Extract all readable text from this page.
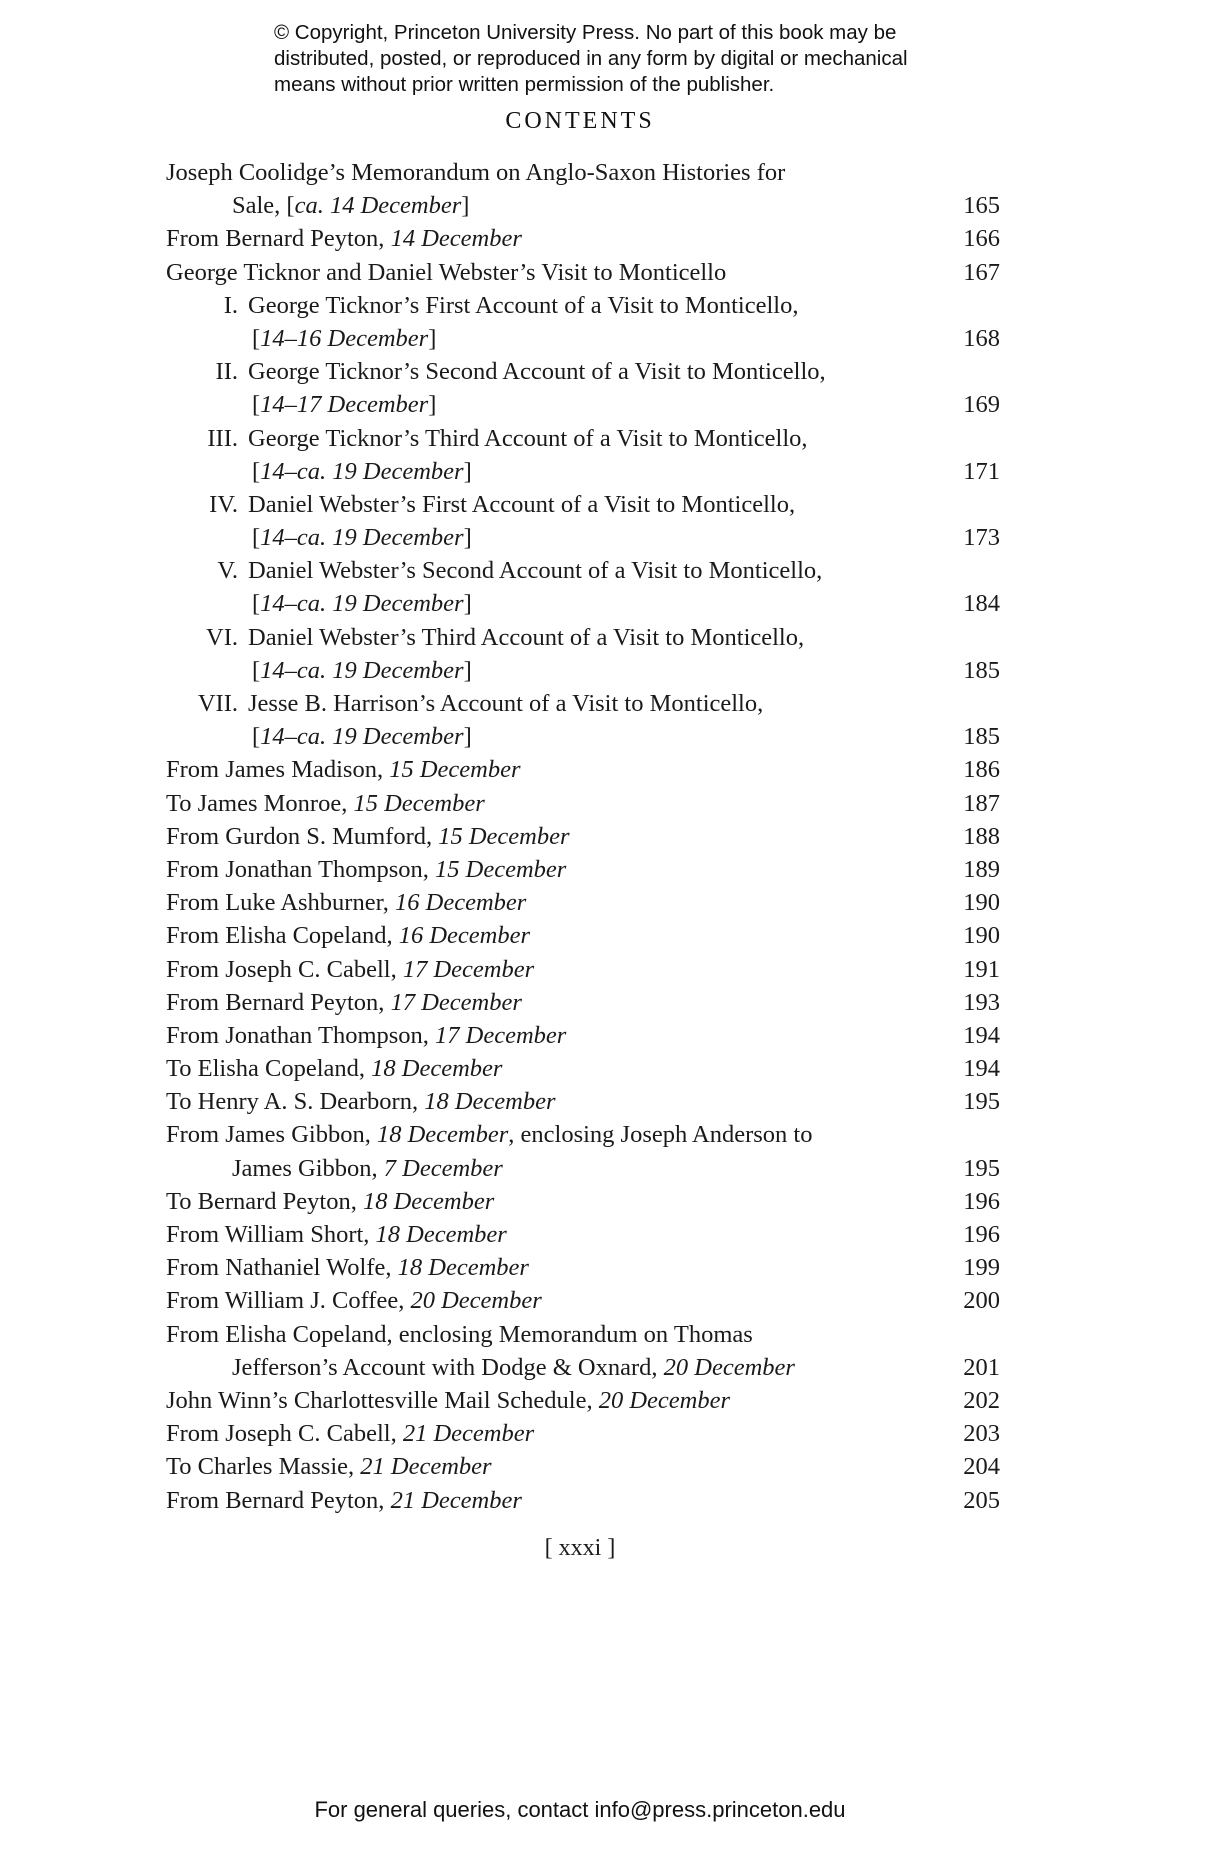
© Copyright, Princeton University Press. No part of this book may be
distributed, posted, or reproduced in any form by digital or mechanical
means without prior written permission of the publisher.
CONTENTS
Joseph Coolidge’s Memorandum on Anglo-Saxon Histories for
Sale, [ca. 14 December]	165
From Bernard Peyton, 14 December	166
George Ticknor and Daniel Webster’s Visit to Monticello	167
I. George Ticknor’s First Account of a Visit to Monticello,
[14–16 December]	168
II. George Ticknor’s Second Account of a Visit to Monticello,
[14–17 December]	169
III. George Ticknor’s Third Account of a Visit to Monticello,
[14–ca. 19 December]	171
IV. Daniel Webster’s First Account of a Visit to Monticello,
[14–ca. 19 December]	173
V. Daniel Webster’s Second Account of a Visit to Monticello,
[14–ca. 19 December]	184
VI. Daniel Webster’s Third Account of a Visit to Monticello,
[14–ca. 19 December]	185
VII. Jesse B. Harrison’s Account of a Visit to Monticello,
[14–ca. 19 December]	185
From James Madison, 15 December	186
To James Monroe, 15 December	187
From Gurdon S. Mumford, 15 December	188
From Jonathan Thompson, 15 December	189
From Luke Ashburner, 16 December	190
From Elisha Copeland, 16 December	190
From Joseph C. Cabell, 17 December	191
From Bernard Peyton, 17 December	193
From Jonathan Thompson, 17 December	194
To Elisha Copeland, 18 December	194
To Henry A. S. Dearborn, 18 December	195
From James Gibbon, 18 December, enclosing Joseph Anderson to
James Gibbon, 7 December	195
To Bernard Peyton, 18 December	196
From William Short, 18 December	196
From Nathaniel Wolfe, 18 December	199
From William J. Coffee, 20 December	200
From Elisha Copeland, enclosing Memorandum on Thomas
Jefferson’s Account with Dodge & Oxnard, 20 December	201
John Winn’s Charlottesville Mail Schedule, 20 December	202
From Joseph C. Cabell, 21 December	203
To Charles Massie, 21 December	204
From Bernard Peyton, 21 December	205
[ xxxi ]
For general queries, contact info@press.princeton.edu
